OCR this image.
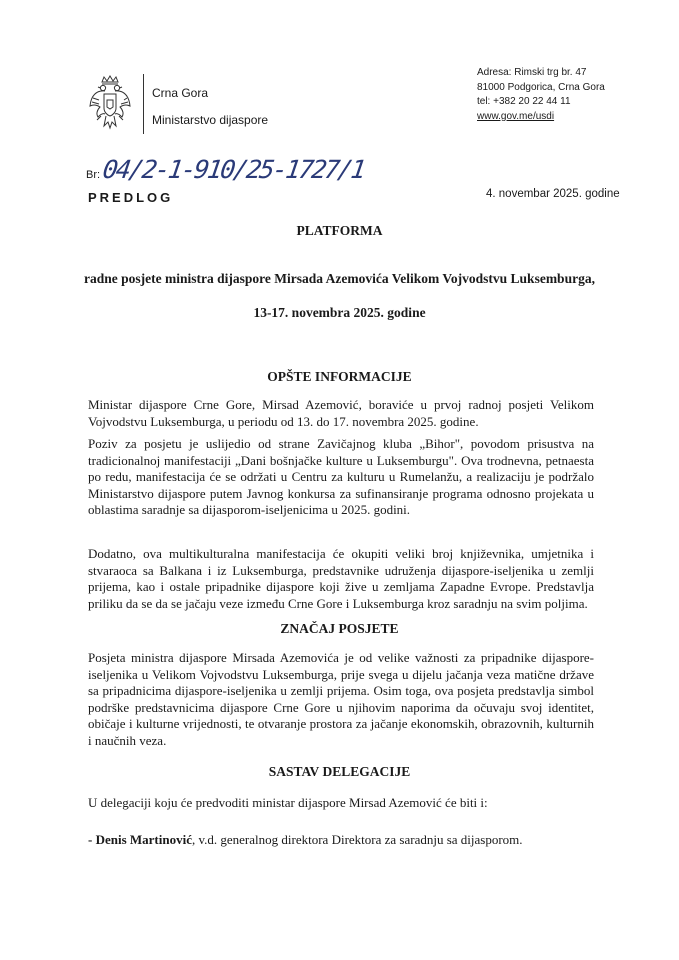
Crna Gora
Ministarstvo dijaspore
Adresa: Rimski trg br. 47
81000 Podgorica, Crna Gora
tel: +382 20 22 44 11
www.gov.me/usdi
Br: 04/2-1-910/25-1727/1
PREDLOG	4. novembar 2025. godine
PLATFORMA
radne posjete ministra dijaspore Mirsada Azemovića Velikom Vojvodstvu Luksemburga,
13-17. novembra 2025. godine
OPŠTE INFORMACIJE
Ministar dijaspore Crne Gore, Mirsad Azemović, boraviće u prvoj radnoj posjeti Velikom Vojvodstvu Luksemburga, u periodu od 13. do 17. novembra 2025. godine.
Poziv za posjetu je uslijedio od strane Zavičajnog kluba „Bihor", povodom prisustva na tradicionalnoj manifestaciji „Dani bošnjačke kulture u Luksemburgu". Ova trodnevna, petnaesta po redu, manifestacija će se održati u Centru za kulturu u Rumelanžu, a realizaciju je podržalo Ministarstvo dijaspore putem Javnog konkursa za sufinansiranje programa odnosno projekata u oblastima saradnje sa dijasporom-iseljenicima u 2025. godini.
Dodatno, ova multikulturalna manifestacija će okupiti veliki broj književnika, umjetnika i stvaraoca sa Balkana i iz Luksemburga, predstavnike udruženja dijaspore-iseljenika u zemlji prijema, kao i ostale pripadnike dijaspore koji žive u zemljama Zapadne Evrope. Predstavlja priliku da se da se jačaju veze između Crne Gore i Luksemburga kroz saradnju na svim poljima.
ZNAČAJ POSJETE
Posjeta ministra dijaspore Mirsada Azemovića je od velike važnosti za pripadnike dijaspore-iseljenika u Velikom Vojvodstvu Luksemburga, prije svega u dijelu jačanja veza matične države sa pripadnicima dijaspore-iseljenika u zemlji prijema. Osim toga, ova posjeta predstavlja simbol podrške predstavnicima dijaspore Crne Gore u njihovim naporima da očuvaju svoj identitet, običaje i kulturne vrijednosti, te otvaranje prostora za jačanje ekonomskih, obrazovnih, kulturnih i naučnih veza.
SASTAV DELEGACIJE
U delegaciji koju će predvoditi ministar dijaspore Mirsad Azemović će biti i:
- Denis Martinović, v.d. generalnog direktora Direktora za saradnju sa dijasporom.
